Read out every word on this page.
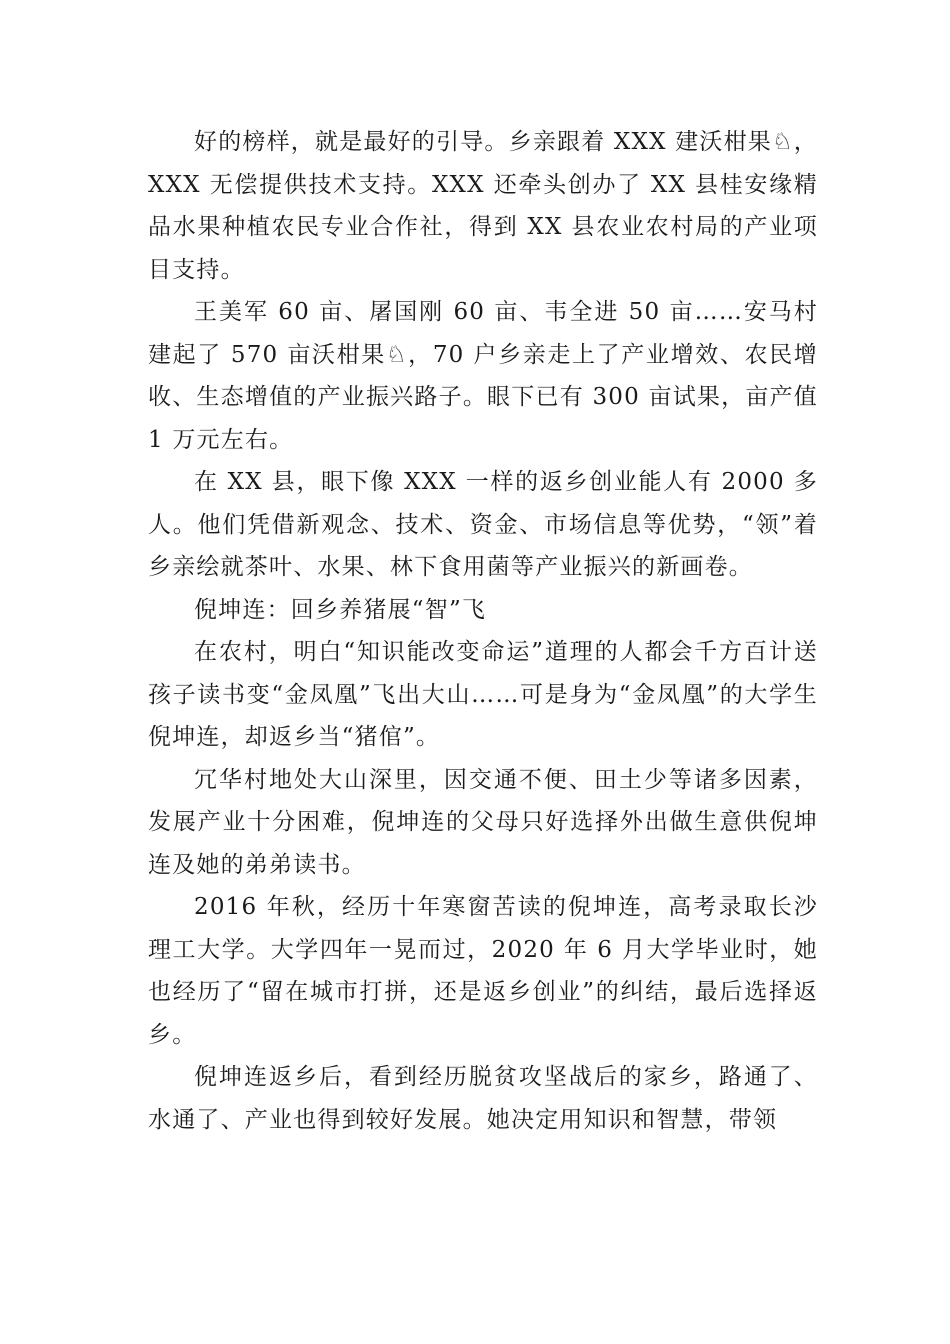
好的榜样，就是最好的引导。乡亲跟着 XXX 建沃柑果♘，XXX 无偿提供技术支持。XXX 还牵头创办了 XX 县桂安缘精品水果种植农民专业合作社，得到 XX 县农业农村局的产业项目支持。

王美军 60 亩、屠国刚 60 亩、韦全进 50 亩……安马村建起了 570 亩沃柑果♘，70 户乡亲走上了产业增效、农民增收、生态增值的产业振兴路子。眼下已有 300 亩试果，亩产值 1 万元左右。

在 XX 县，眼下像 XXX 一样的返乡创业能人有 2000 多人。他们凭借新观念、技术、资金、市场信息等优势，“领”着乡亲绘就茶叶、水果、林下食用菌等产业振兴的新画卷。

倪坤连：回乡养猪展“智”飞

在农村，明白“知识能改变命运”道理的人都会千方百计送孩子读书变“金凤凰”飞出大山……可是身为“金凤凰”的大学生倪坤连，却返乡当“猪倌”。

冗华村地处大山深里，因交通不便、田土少等诸多因素，发展产业十分困难，倪坤连的父母只好选择外出做生意供倪坤连及她的弟弟读书。

2016 年秋，经历十年寒窗苦读的倪坤连，高考录取长沙理工大学。大学四年一晃而过，2020 年 6 月大学毕业时，她也经历了“留在城市打拼，还是返乡创业”的纠结，最后选择返乡。

倪坤连返乡后，看到经历脱贫攻坚战后的家乡，路通了、水通了、产业也得到较好发展。她决定用知识和智慧，带领
